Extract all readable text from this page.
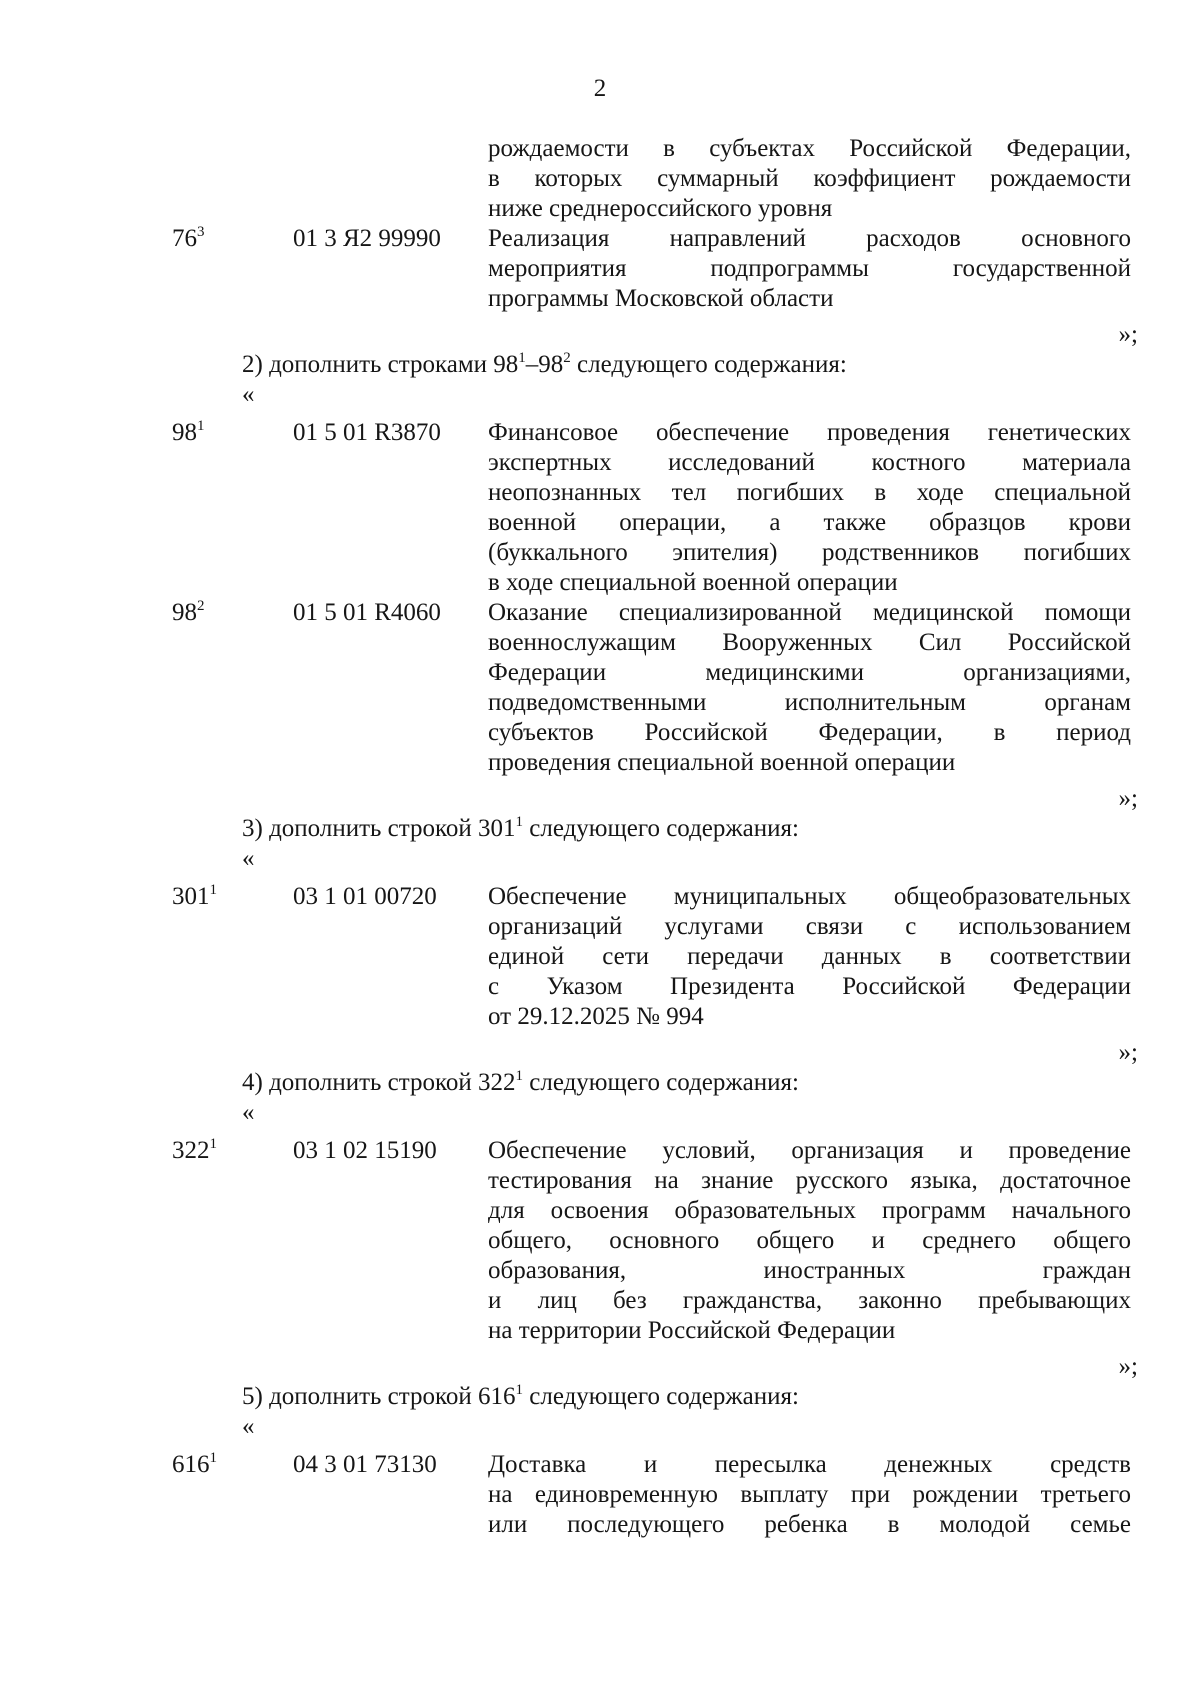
2

рождаемости в субъектах Российской Федерации,

в которых суммарный коэффициент рождаемости

ниже среднероссийского уровня

$76^3$	01 3 Я2 99990 Реализация направлений расходов основного

мероприятия подпрограммы государственной

программы Московской области

»;
2) дополнить строками $98^1-98^2$ следующего содержания:
«
$98^1$	01 5 01 R3870 Финансовое обеспечение проведения генетических

экспертных исследований костного материала

неопознанных тел погибших в ходе специальной

военной операции, а также образцов крови

(буккального эпителия) родственников погибших

в ходе специальной военной операции

$98^2$	01 5 01 R4060 Оказание специализированной медицинской помощи

военнослужащим Вооруженных Сил Российской

Федерации медицинскими организациями,

подведомственными исполнительным органам

субъектов Российской Федерации, в период

проведения специальной военной операции

»;
3) дополнить строкой $301^1$ следующего содержания:
«
$301^1$	03 1 01 00720 Обеспечение муниципальных общеобразовательных

организаций услугами связи с использованием

единой сети передачи данных в соответствии

с Указом Президента Российской Федерации

от 29.12.2025 № 994

»;
4) дополнить строкой $322^1$ следующего содержания:
«
$322^1$	03 1 02 15190 Обеспечение условий, организация и проведение

тестирования на знание русского языка, достаточное

для освоения образовательных программ начального

общего, основного общего и среднего общего

образования, иностранных граждан

и лиц без гражданства, законно пребывающих

на территории Российской Федерации

»;
5) дополнить строкой $616^1$ следующего содержания:
«
$616^1$	04 3 01 73130 Доставка и пересылка денежных средств

на единовременную выплату при рождении третьего

или последующего ребенка в молодой семье
